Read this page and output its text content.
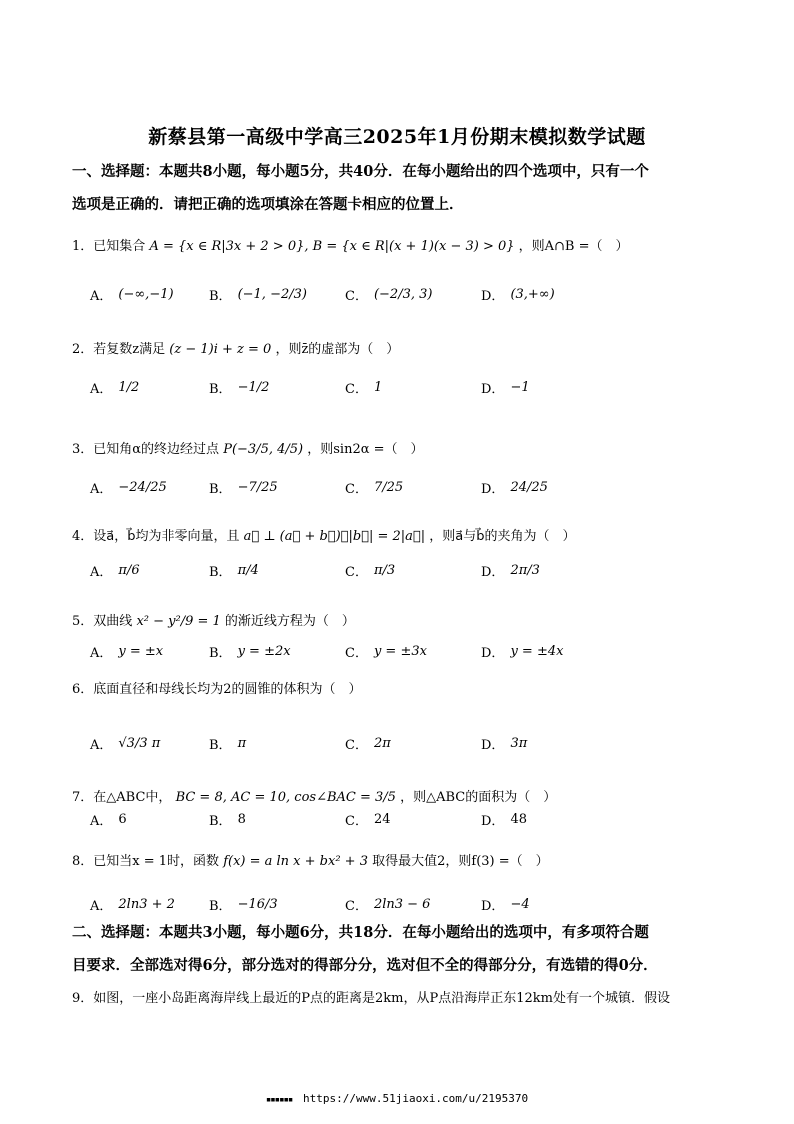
新蔡县第一高级中学高三2025年1月份期末模拟数学试题
一、选择题：本题共8小题，每小题5分，共40分．在每小题给出的四个选项中，只有一个
选项是正确的．请把正确的选项填涂在答题卡相应的位置上．
1．已知集合 A = {x ∈ R|3x + 2 > 0}, B = {x ∈ R|(x + 1)(x − 3) > 0} ，则A∩B =（　）
A． (−∞,−1)	B． (−1, −2/3)	C． (−2/3, 3)	D． (3,+∞)
2．若复数z满足 (z − 1)i + z = 0 ，则z̄的虚部为（　）
A． 1/2	B． −1/2	C． 1	D． −1
3．已知角α的终边经过点 P(−3/5, 4/5) ，则sin2α =（　）
A． −24/25	B． −7/25	C． 7/25	D． 24/25
4．设a⃗，b⃗均为非零向量，且 a⃗ ⊥ (a⃗ + b⃗)，|b⃗| = 2|a⃗| ，则a⃗与b⃗的夹角为（　）
A． π/6	B． π/4	C． π/3	D． 2π/3
5．双曲线 x² − y²/9 = 1 的渐近线方程为（　）
A． y = ±x	B． y = ±2x	C． y = ±3x	D． y = ±4x
6．底面直径和母线长均为2的圆锥的体积为（　）
A． √3/3 π	B． π	C． 2π	D． 3π
7．在△ABC中， BC = 8, AC = 10, cos∠BAC = 3/5 ，则△ABC的面积为（　）
A． 6	B． 8	C． 24	D． 48
8．已知当x = 1时，函数 f(x) = a ln x + bx² + 3 取得最大值2，则f(3) =（　）
A． 2ln3 + 2	B． −16/3	C． 2ln3 − 6	D． −4
二、选择题：本题共3小题，每小题6分，共18分．在每小题给出的选项中，有多项符合题
目要求．全部选对得6分，部分选对的得部分分，选对但不全的得部分分，有选错的得0分．
9．如图，一座小岛距离海岸线上最近的P点的距离是2km，从P点沿海岸正东12km处有一个城镇．假设
▪▪▪▪▪▪ https://www.51jiaoxi.com/u/2195370
